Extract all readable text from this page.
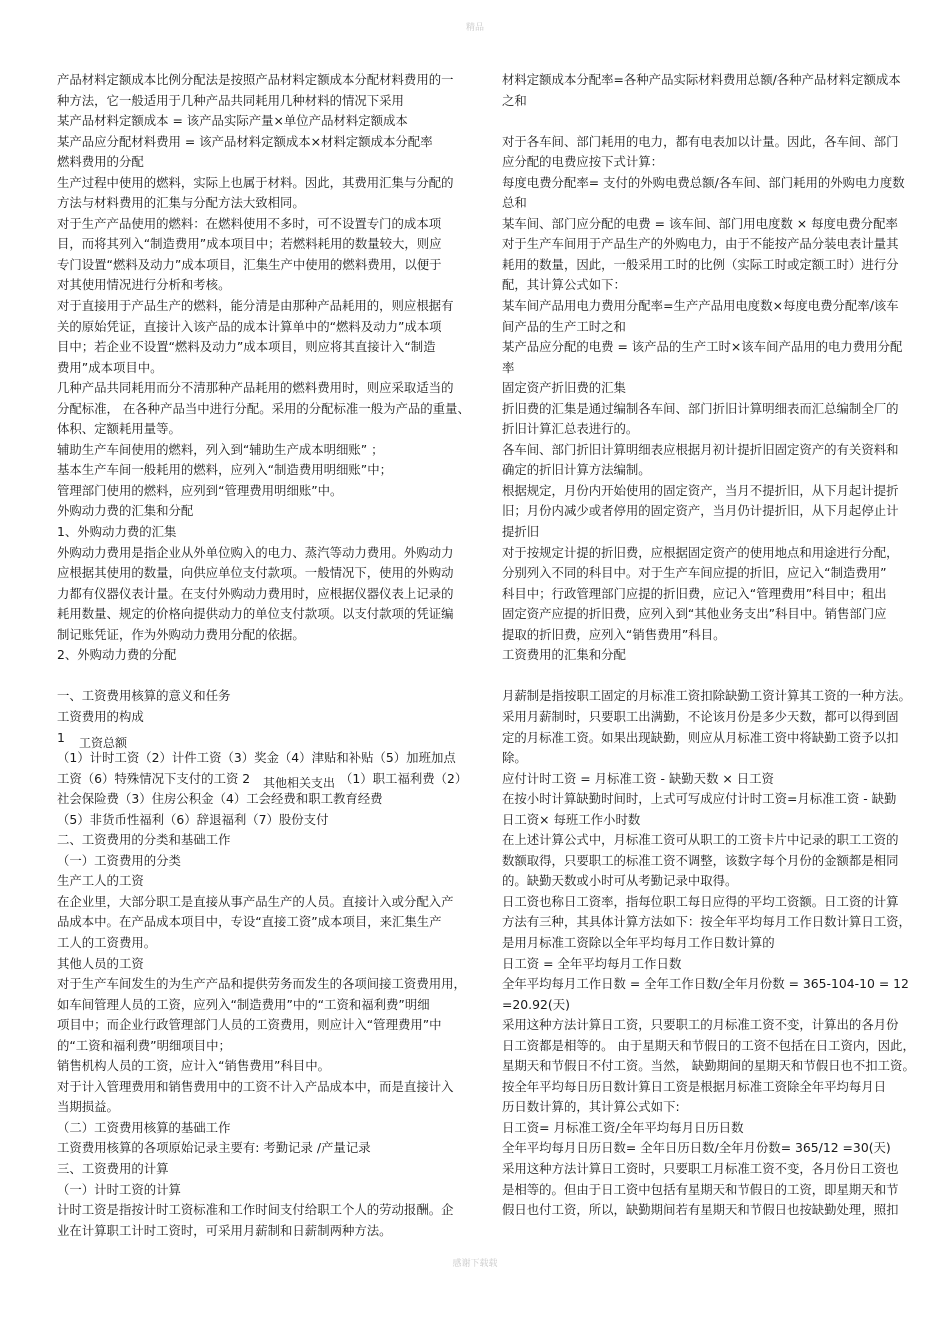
精品

产品材料定额成本比例分配法是按照产品材料定额成本分配材料费用的一

种方法，它一般适用于几种产品共同耗用几种材料的情况下采用

某产品材料定额成本 = 该产品实际产量×单位产品材料定额成本

某产品应分配材料费用 = 该产品材料定额成本×材料定额成本分配率

燃料费用的分配

生产过程中使用的燃料，实际上也属于材料。因此，其费用汇集与分配的

方法与材料费用的汇集与分配方法大致相同。

对于生产产品使用的燃料：在燃料使用不多时，可不设置专门的成本项

目，而将其列入“制造费用”成本项目中；若燃料耗用的数量较大，则应

专门设置“燃料及动力”成本项目，汇集生产中使用的燃料费用，以便于

对其使用情况进行分析和考核。

对于直接用于产品生产的燃料，能分清是由那种产品耗用的，则应根据有

关的原始凭证，直接计入该产品的成本计算单中的“燃料及动力”成本项

目中；若企业不设置“燃料及动力”成本项目，则应将其直接计入“制造

费用”成本项目中。

几种产品共同耗用而分不清那种产品耗用的燃料费用时，则应采取适当的

分配标准， 在各种产品当中进行分配。采用的分配标准一般为产品的重量、

体积、定额耗用量等。

辅助生产车间使用的燃料，列入到“辅助生产成本明细账” ；

基本生产车间一般耗用的燃料，应列入“制造费用明细账”中；

管理部门使用的燃料，应列到“管理费用明细账”中。

外购动力费的汇集和分配

1、外购动力费的汇集

外购动力费用是指企业从外单位购入的电力、蒸汽等动力费用。外购动力

应根据其使用的数量，向供应单位支付款项。一般情况下，使用的外购动

力都有仪器仪表计量。在支付外购动力费用时，应根据仪器仪表上记录的

耗用数量、规定的价格向提供动力的单位支付款项。以支付款项的凭证编

制记账凭证，作为外购动力费用分配的依据。

2、外购动力费的分配

一、工资费用核算的意义和任务

工资费用的构成

1 工资总额

（1）计时工资（2）计件工资（3）奖金（4）津贴和补贴（5）加班加点

工资（6）特殊情况下支付的工资 2 其他相关支出 （1）职工福利费（2）

社会保险费（3）住房公积金（4）工会经费和职工教育经费

（5）非货币性福利（6）辞退福利（7）股份支付

二、工资费用的分类和基础工作

（一）工资费用的分类

生产工人的工资

在企业里，大部分职工是直接从事产品生产的人员。直接计入或分配入产

品成本中。在产品成本项目中，专设“直接工资”成本项目，来汇集生产

工人的工资费用。

其他人员的工资

对于生产车间发生的为生产产品和提供劳务而发生的各项间接工资费用用，

如车间管理人员的工资，应列入“制造费用”中的“工资和福利费”明细

项目中；而企业行政管理部门人员的工资费用，则应计入“管理费用”中

的“工资和福利费”明细项目中；

销售机构人员的工资，应计入“销售费用”科目中。

对于计入管理费用和销售费用中的工资不计入产品成本中，而是直接计入

当期损益。

（二）工资费用核算的基础工作

工资费用核算的各项原始记录主要有: 考勤记录 /产量记录

三、工资费用的计算

（一）计时工资的计算

计时工资是指按计时工资标准和工作时间支付给职工个人的劳动报酬。企

业在计算职工计时工资时，可采用月薪制和日薪制两种方法。

材料定额成本分配率=各种产品实际材料费用总额/各种产品材料定额成本

之和

对于各车间、部门耗用的电力，都有电表加以计量。因此，各车间、部门

应分配的电费应按下式计算：

每度电费分配率= 支付的外购电费总额/各车间、部门耗用的外购电力度数

总和

某车间、部门应分配的电费 = 该车间、部门用电度数 × 每度电费分配率

对于生产车间用于产品生产的外购电力，由于不能按产品分装电表计量其

耗用的数量，因此，一般采用工时的比例（实际工时或定额工时）进行分

配，其计算公式如下：

某车间产品用电力费用分配率=生产产品用电度数×每度电费分配率/该车

间产品的生产工时之和

某产品应分配的电费 = 该产品的生产工时×该车间产品用的电力费用分配

率

固定资产折旧费的汇集

折旧费的汇集是通过编制各车间、部门折旧计算明细表而汇总编制全厂的

折旧计算汇总表进行的。

各车间、部门折旧计算明细表应根据月初计提折旧固定资产的有关资料和

确定的折旧计算方法编制。

根据规定，月份内开始使用的固定资产，当月不提折旧，从下月起计提折

旧；月份内减少或者停用的固定资产，当月仍计提折旧，从下月起停止计

提折旧

对于按规定计提的折旧费，应根据固定资产的使用地点和用途进行分配，

分别列入不同的科目中。对于生产车间应提的折旧，应记入“制造费用”

科目中；行政管理部门应提的折旧费，应记入“管理费用”科目中；租出

固定资产应提的折旧费，应列入到“其他业务支出”科目中。销售部门应

提取的折旧费，应列入“销售费用”科目。

工资费用的汇集和分配

月薪制是指按职工固定的月标准工资扣除缺勤工资计算其工资的一种方法。

采用月薪制时，只要职工出满勤，不论该月份是多少天数，都可以得到固

定的月标准工资。如果出现缺勤，则应从月标准工资中将缺勤工资予以扣

除。

应付计时工资 = 月标准工资 - 缺勤天数 × 日工资

在按小时计算缺勤时间时，上式可写成应付计时工资=月标准工资 - 缺勤

日工资× 每班工作小时数

在上述计算公式中，月标准工资可从职工的工资卡片中记录的职工工资的

数额取得，只要职工的标准工资不调整，该数字每个月份的金额都是相同

的。缺勤天数或小时可从考勤记录中取得。

日工资也称日工资率，指每位职工每日应得的平均工资额。日工资的计算

方法有三种，其具体计算方法如下：按全年平均每月工作日数计算日工资，

是用月标准工资除以全年平均每月工作日数计算的

日工资 = 全年平均每月工作日数

全年平均每月工作日数 = 全年工作日数/全年月份数 = 365-104-10 = 12

=20.92(天)

采用这种方法计算日工资，只要职工的月标准工资不变，计算出的各月份

日工资都是相等的。 由于星期天和节假日的工资不包括在日工资内，因此，

星期天和节假日不付工资。当然， 缺勤期间的星期天和节假日也不扣工资。

按全年平均每日历日数计算日工资是根据月标准工资除全年平均每月日

历日数计算的，其计算公式如下:

日工资= 月标准工资/全年平均每月日历日数

全年平均每月日历日数= 全年日历日数/全年月份数= 365/12 =30(天)

采用这种方法计算日工资时，只要职工月标准工资不变，各月份日工资也

是相等的。但由于日工资中包括有星期天和节假日的工资，即星期天和节

假日也付工资，所以，缺勤期间若有星期天和节假日也按缺勤处理，照扣

感谢下载载
